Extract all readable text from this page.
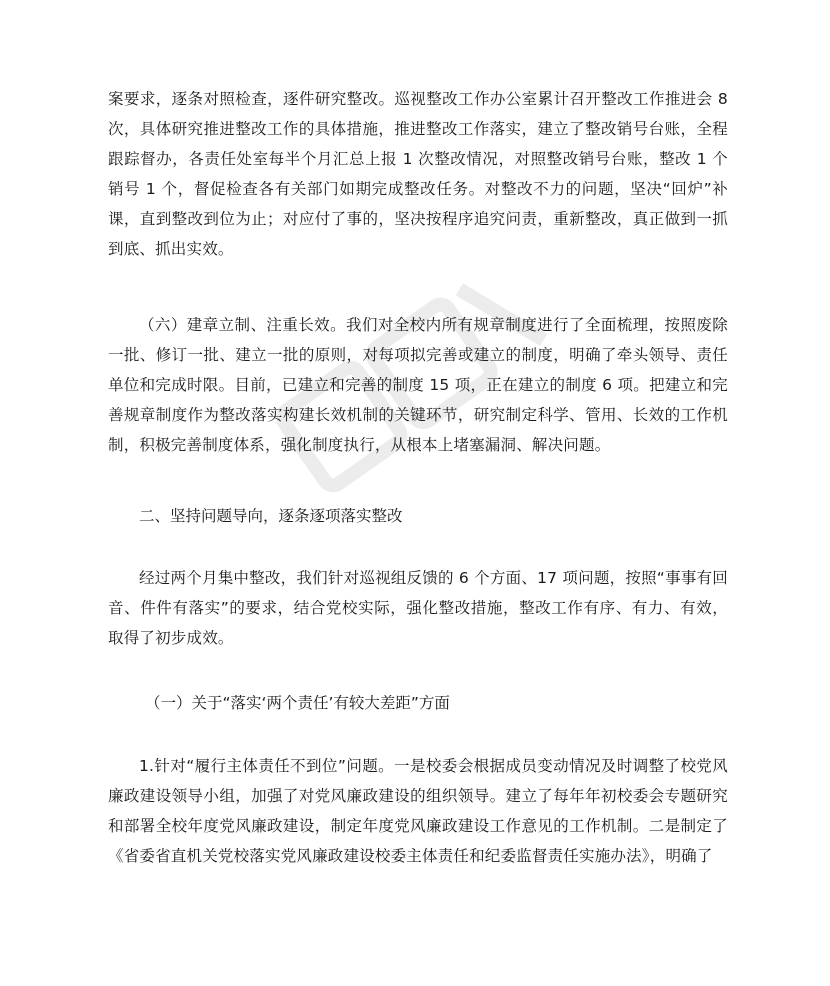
案要求，逐条对照检查，逐件研究整改。巡视整改工作办公室累计召开整改工作推进会 8 次，具体研究推进整改工作的具体措施，推进整改工作落实，建立了整改销号台账，全程跟踪督办，各责任处室每半个月汇总上报 1 次整改情况，对照整改销号台账，整改 1 个销号 1 个，督促检查各有关部门如期完成整改任务。对整改不力的问题，坚决“回炉”补课，直到整改到位为止；对应付了事的，坚决按程序追究问责，重新整改，真正做到一抓到底、抓出实效。

（六）建章立制、注重长效。我们对全校内所有规章制度进行了全面梳理，按照废除一批、修订一批、建立一批的原则，对每项拟完善或建立的制度，明确了牵头领导、责任单位和完成时限。目前，已建立和完善的制度 15 项，正在建立的制度 6 项。把建立和完善规章制度作为整改落实构建长效机制的关键环节，研究制定科学、管用、长效的工作机制，积极完善制度体系，强化制度执行，从根本上堵塞漏洞、解决问题。

二、坚持问题导向，逐条逐项落实整改

经过两个月集中整改，我们针对巡视组反馈的 6 个方面、17 项问题，按照“事事有回音、件件有落实”的要求，结合党校实际，强化整改措施，整改工作有序、有力、有效，取得了初步成效。

（一）关于“落实‘两个责任’有较大差距”方面

1.针对“履行主体责任不到位”问题。一是校委会根据成员变动情况及时调整了校党风廉政建设领导小组，加强了对党风廉政建设的组织领导。建立了每年年初校委会专题研究和部署全校年度党风廉政建设，制定年度党风廉政建设工作意见的工作机制。二是制定了《省委省直机关党校落实党风廉政建设校委主体责任和纪委监督责任实施办法》，明确了
